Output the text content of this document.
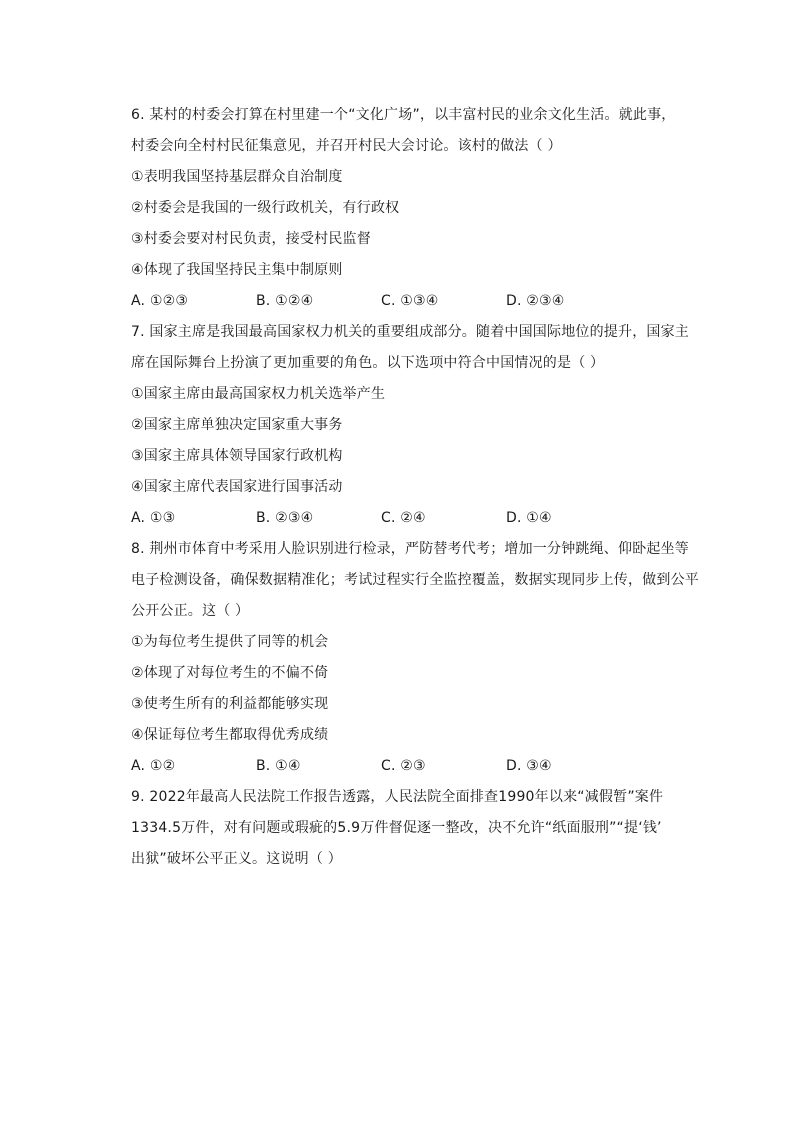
6. 某村的村委会打算在村里建一个“文化广场”，以丰富村民的业余文化生活。就此事，
村委会向全村村民征集意见，并召开村民大会讨论。该村的做法（ ）
①表明我国坚持基层群众自治制度
②村委会是我国的一级行政机关，有行政权
③村委会要对村民负责，接受村民监督
④体现了我国坚持民主集中制原则
A. ①②③	B. ①②④	C. ①③④	D. ②③④
7. 国家主席是我国最高国家权力机关的重要组成部分。随着中国国际地位的提升，国家主
席在国际舞台上扮演了更加重要的角色。以下选项中符合中国情况的是（ ）
①国家主席由最高国家权力机关选举产生
②国家主席单独决定国家重大事务
③国家主席具体领导国家行政机构
④国家主席代表国家进行国事活动
A. ①③	B. ②③④	C. ②④	D. ①④
8. 荆州市体育中考采用人脸识别进行检录，严防替考代考；增加一分钟跳绳、仰卧起坐等
电子检测设备，确保数据精准化；考试过程实行全监控覆盖，数据实现同步上传，做到公平
公开公正。这（ ）
①为每位考生提供了同等的机会
②体现了对每位考生的不偏不倚
③使考生所有的利益都能够实现
④保证每位考生都取得优秀成绩
A. ①②	B. ①④	C. ②③	D. ③④
9. 2022年最高人民法院工作报告透露，人民法院全面排查1990年以来“减假暂”案件
1334.5万件，对有问题或瑕疵的5.9万件督促逐一整改，决不允许“纸面服刑”“提‘钱’
出狱”破坏公平正义。这说明（ ）
